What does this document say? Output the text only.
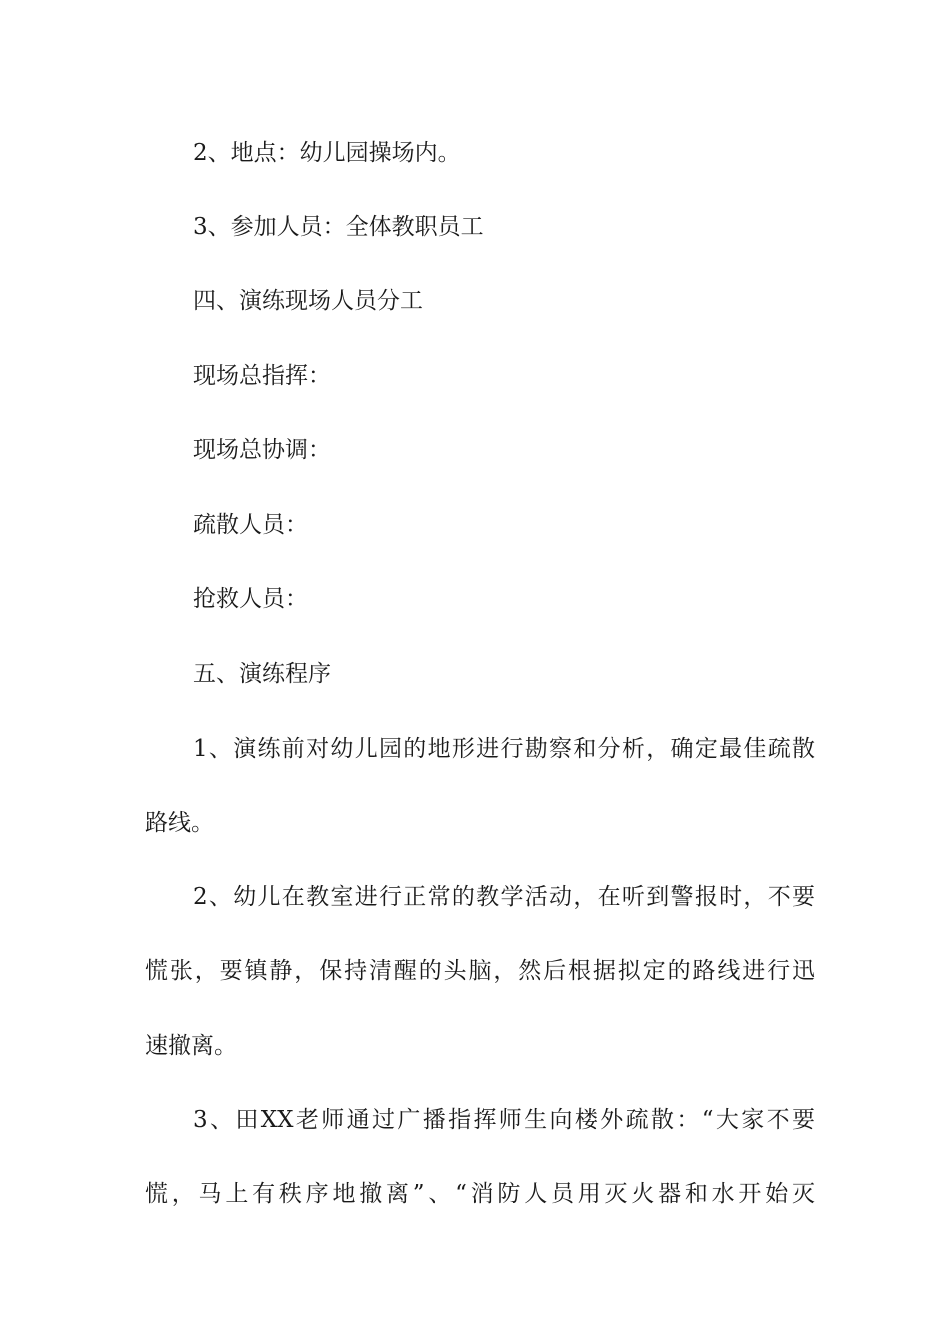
2、地点：幼儿园操场内。
3、参加人员：全体教职员工
四、演练现场人员分工
现场总指挥：
现场总协调：
疏散人员：
抢救人员：
五、演练程序
1、演练前对幼儿园的地形进行勘察和分析，确定最佳疏散
路线。
2、幼儿在教室进行正常的教学活动，在听到警报时，不要
慌张，要镇静，保持清醒的头脑，然后根据拟定的路线进行迅
速撤离。
3、田XX老师通过广播指挥师生向楼外疏散：“大家不要
慌，马上有秩序地撤离”、“消防人员用灭火器和水开始灭
